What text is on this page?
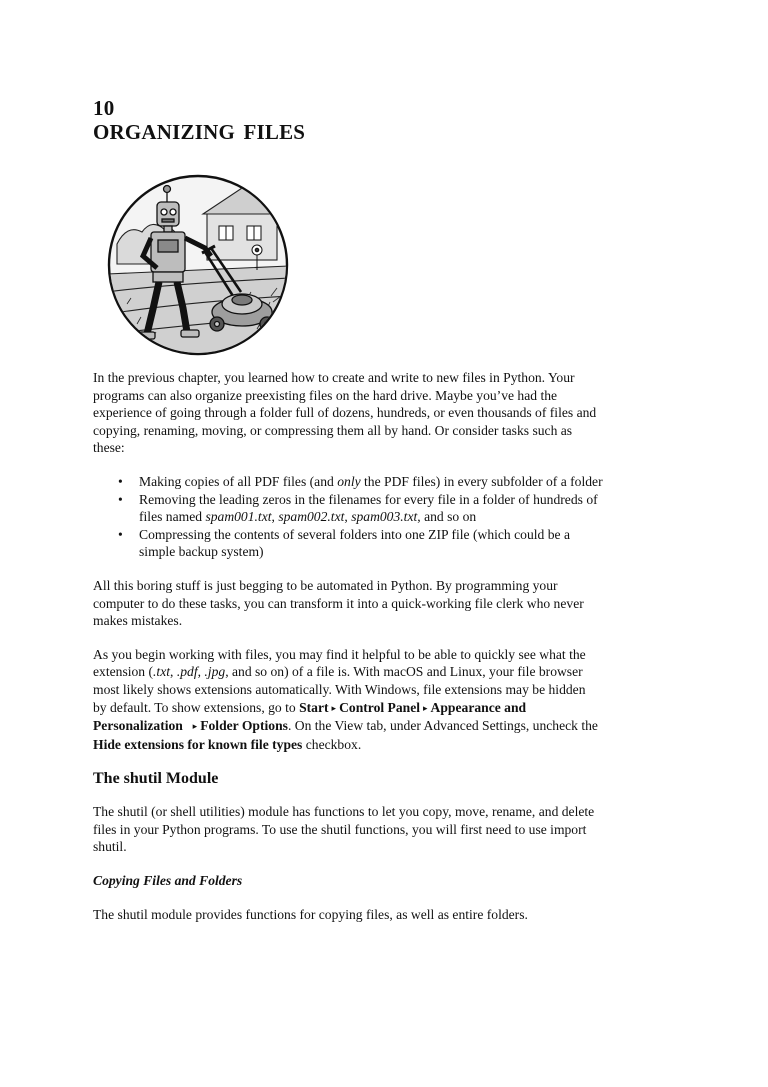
10
ORGANIZING FILES

In the previous chapter, you learned how to create and write to new files in Python. Your
programs can also organize preexisting files on the hard drive. Maybe you’ve had the
experience of going through a folder full of dozens, hundreds, or even thousands of files and
copying, renaming, moving, or compressing them all by hand. Or consider tasks such as
these:

• Making copies of all PDF files (and only the PDF files) in every subfolder of a folder
• Removing the leading zeros in the filenames for every file in a folder of hundreds of
files named spam001.txt, spam002.txt, spam003.txt, and so on
• Compressing the contents of several folders into one ZIP file (which could be a
simple backup system)

All this boring stuff is just begging to be automated in Python. By programming your
computer to do these tasks, you can transform it into a quick-working file clerk who never
makes mistakes.

As you begin working with files, you may find it helpful to be able to quickly see what the
extension (.txt, .pdf, .jpg, and so on) of a file is. With macOS and Linux, your file browser
most likely shows extensions automatically. With Windows, file extensions may be hidden
by default. To show extensions, go to Start ▸ Control Panel ▸ Appearance and
Personalization ▸ Folder Options. On the View tab, under Advanced Settings, uncheck the
Hide extensions for known file types checkbox.

The shutil Module

The shutil (or shell utilities) module has functions to let you copy, move, rename, and delete
files in your Python programs. To use the shutil functions, you will first need to use import
shutil.

Copying Files and Folders

The shutil module provides functions for copying files, as well as entire folders.
